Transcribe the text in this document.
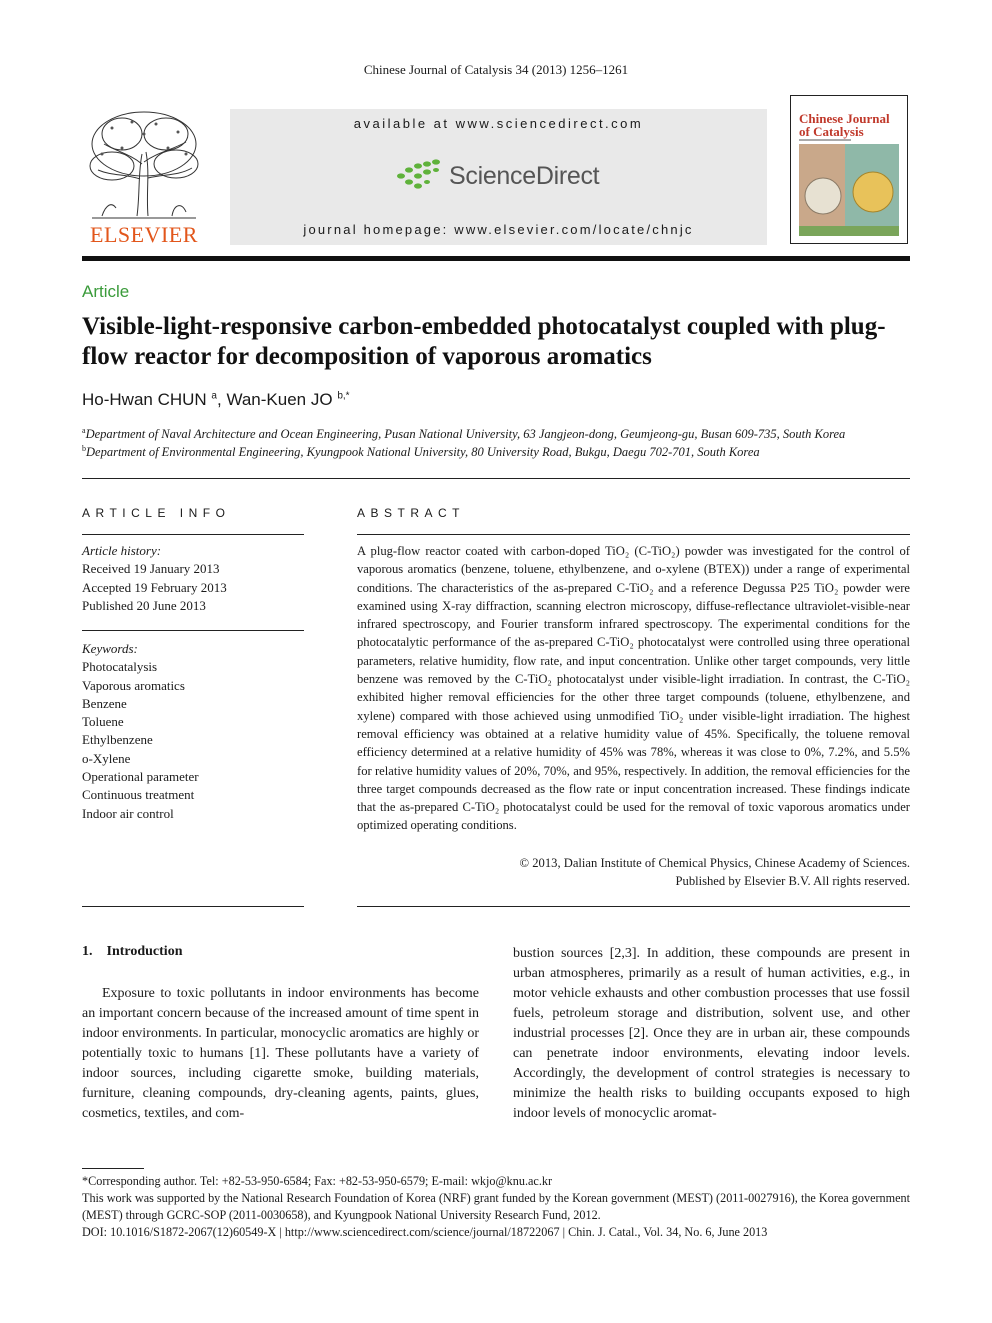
Chinese Journal of Catalysis 34 (2013) 1256–1261
ELSEVIER
available at www.sciencedirect.com
ScienceDirect
journal homepage: www.elsevier.com/locate/chnjc
Chinese Journal
of Catalysis
Article
Visible-light-responsive carbon-embedded photocatalyst coupled with plug-flow reactor for decomposition of vaporous aromatics
Ho-Hwan CHUN $^a$, Wan-Kuen JO $^{b,*}$
$^a$Department of Naval Architecture and Ocean Engineering, Pusan National University, 63 Jangjeon-dong, Geumjeong-gu, Busan 609-735, South Korea
$^b$Department of Environmental Engineering, Kyungpook National University, 80 University Road, Bukgu, Daegu 702-701, South Korea
ARTICLE INFO
Article history:
Received 19 January 2013
Accepted 19 February 2013
Published 20 June 2013
Keywords:
Photocatalysis
Vaporous aromatics
Benzene
Toluene
Ethylbenzene
o-Xylene
Operational parameter
Continuous treatment
Indoor air control
ABSTRACT
A plug-flow reactor coated with carbon-doped TiO₂ (C-TiO₂) powder was investigated for the control of vaporous aromatics (benzene, toluene, ethylbenzene, and o-xylene (BTEX)) under a range of experimental conditions. The characteristics of the as-prepared C-TiO₂ and a reference Degussa P25 TiO₂ powder were examined using X-ray diffraction, scanning electron microscopy, diffuse-reflectance ultraviolet-visible-near infrared spectroscopy, and Fourier transform infrared spectroscopy. The experimental conditions for the photocatalytic performance of the as-prepared C-TiO₂ photocatalyst were controlled using three operational parameters, relative humidity, flow rate, and input concentration. Unlike other target compounds, very little benzene was removed by the C-TiO₂ photocatalyst under visible-light irradiation. In contrast, the C-TiO₂ exhibited higher removal efficiencies for the other three target compounds (toluene, ethylbenzene, and xylene) compared with those achieved using unmodified TiO₂ under visible-light irradiation. The highest removal efficiency was obtained at a relative humidity value of 45%. Specifically, the toluene removal efficiency determined at a relative humidity of 45% was 78%, whereas it was close to 0%, 7.2%, and 5.5% for relative humidity values of 20%, 70%, and 95%, respectively. In addition, the removal efficiencies for the three target compounds decreased as the flow rate or input concentration increased. These findings indicate that the as-prepared C-TiO₂ photocatalyst could be used for the removal of toxic vaporous aromatics under optimized operating conditions.
© 2013, Dalian Institute of Chemical Physics, Chinese Academy of Sciences.
Published by Elsevier B.V. All rights reserved.
1.    Introduction
Exposure to toxic pollutants in indoor environments has become an important concern because of the increased amount of time spent in indoor environments. In particular, monocyclic aromatics are highly or potentially toxic to humans [1]. These pollutants have a variety of indoor sources, including cigarette smoke, building materials, furniture, cleaning compounds, dry-cleaning agents, paints, glues, cosmetics, textiles, and com-
bustion sources [2,3]. In addition, these compounds are present in urban atmospheres, primarily as a result of human activities, e.g., in motor vehicle exhausts and other combustion processes that use fossil fuels, petroleum storage and distribution, solvent use, and other industrial processes [2]. Once they are in urban air, these compounds can penetrate indoor environments, elevating indoor levels. Accordingly, the development of control strategies is necessary to minimize the health risks to building occupants exposed to high indoor levels of monocyclic aromat-
*Corresponding author. Tel: +82-53-950-6584; Fax: +82-53-950-6579; E-mail: wkjo@knu.ac.kr
This work was supported by the National Research Foundation of Korea (NRF) grant funded by the Korean government (MEST) (2011-0027916), the Korea government (MEST) through GCRC-SOP (2011-0030658), and Kyungpook National University Research Fund, 2012.
DOI: 10.1016/S1872-2067(12)60549-X | http://www.sciencedirect.com/science/journal/18722067 | Chin. J. Catal., Vol. 34, No. 6, June 2013
